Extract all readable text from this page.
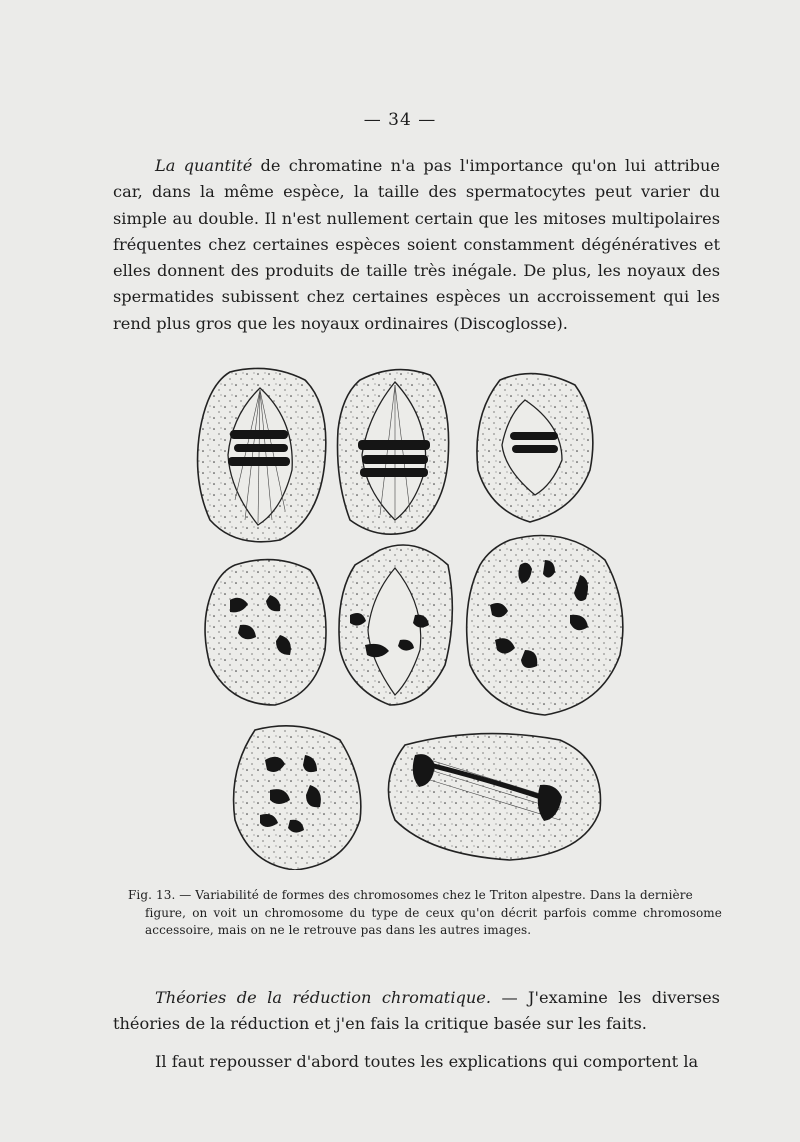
— 34 —

La quantité de chromatine n'a pas l'importance qu'on lui attribue car, dans la même espèce, la taille des spermatocytes peut varier du simple au double. Il n'est nullement certain que les mitoses multipolaires fréquentes chez certaines espèces soient constamment dégénératives et elles donnent des produits de taille très inégale. De plus, les noyaux des spermatides subissent chez certaines espèces un accroissement qui les rend plus gros que les noyaux ordinaires (Discoglosse).

Fig. 13. — Variabilité de formes des chromosomes chez le Triton alpestre. Dans la dernière
figure, on voit un chromosome du type de ceux qu'on décrit parfois comme chromosome accessoire, mais on ne le retrouve pas dans les autres images.

Théories de la réduction chromatique. — J'examine les diverses théories de la réduction et j'en fais la critique basée sur les faits.

Il faut repousser d'abord toutes les explications qui comportent la
